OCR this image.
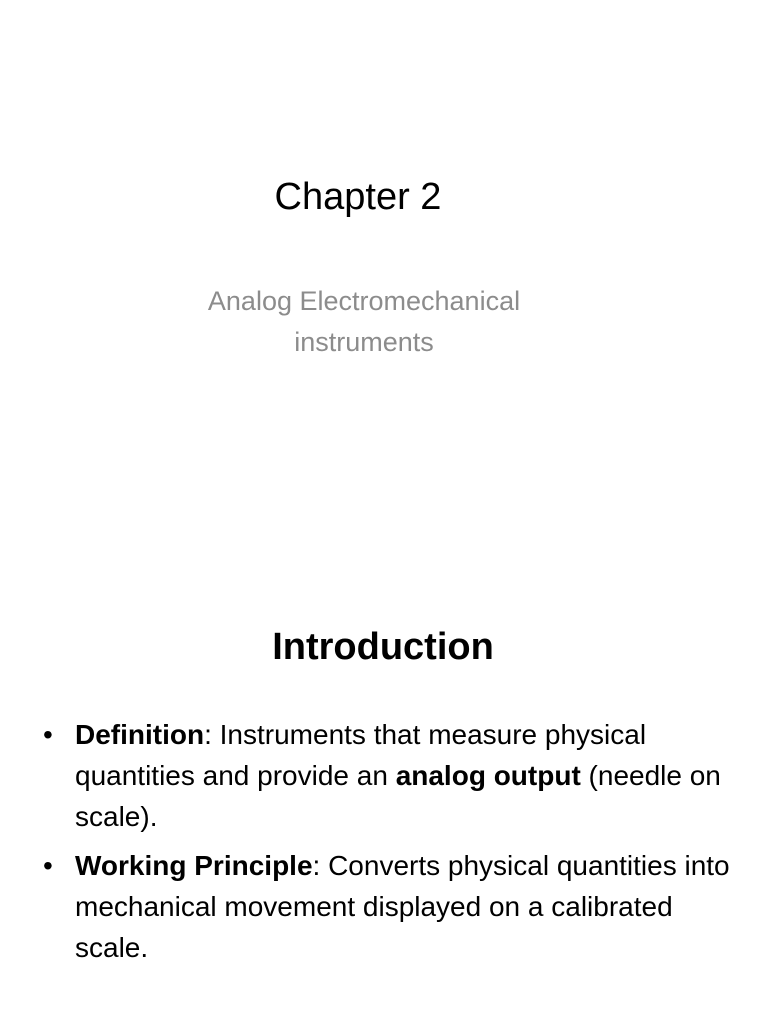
Chapter 2
Analog Electromechanical
instruments
Introduction
• Definition: Instruments that measure physical quantities and provide an analog output (needle on scale).
• Working Principle: Converts physical quantities into mechanical movement displayed on a calibrated scale.
